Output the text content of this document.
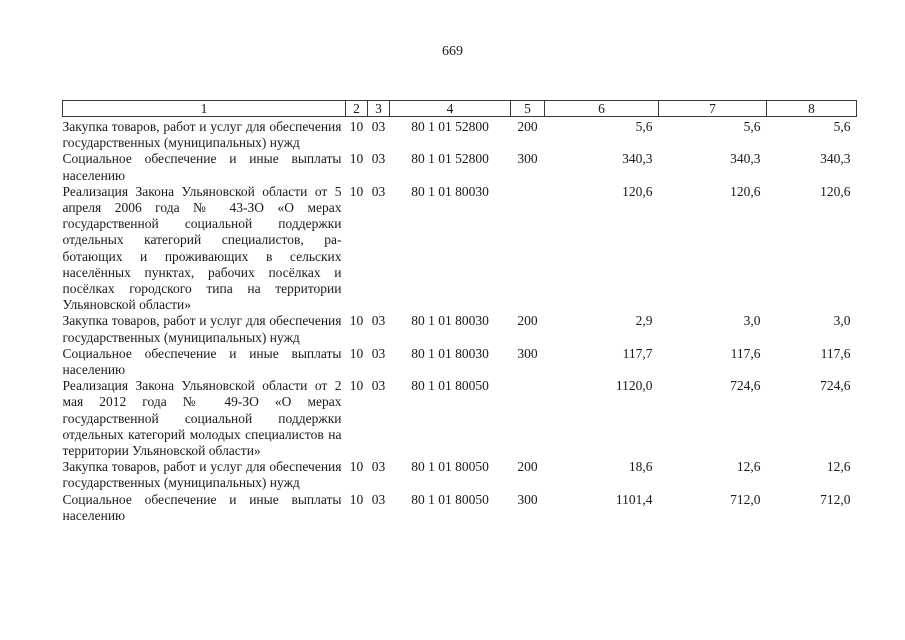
669
1	2	3	4	5	6	7	8
Закупка товаров, работ и услуг для обеспечения государственных (муниципальных) нужд	10	03	80 1 01 52800	200	5,6	5,6	5,6
Социальное обеспечение и иные выплаты населению	10	03	80 1 01 52800	300	340,3	340,3	340,3
Реализация Закона Ульяновской области от 5 апреля 2006 года № 43-ЗО «О мерах государственной социальной поддержки отдельных категорий специалистов, работающих и проживающих в сельских населённых пунктах, рабочих посёлках и посёлках городского типа на территории Ульяновской области»	10	03	80 1 01 80030		120,6	120,6	120,6
Закупка товаров, работ и услуг для обеспечения государственных (муниципальных) нужд	10	03	80 1 01 80030	200	2,9	3,0	3,0
Социальное обеспечение и иные выплаты населению	10	03	80 1 01 80030	300	117,7	117,6	117,6
Реализация Закона Ульяновской области от 2 мая 2012 года № 49-ЗО «О мерах государственной социальной поддержки отдельных категорий молодых специалистов на территории Ульяновской области»	10	03	80 1 01 80050		1120,0	724,6	724,6
Закупка товаров, работ и услуг для обеспечения государственных (муниципальных) нужд	10	03	80 1 01 80050	200	18,6	12,6	12,6
Социальное обеспечение и иные выплаты населению	10	03	80 1 01 80050	300	1101,4	712,0	712,0
